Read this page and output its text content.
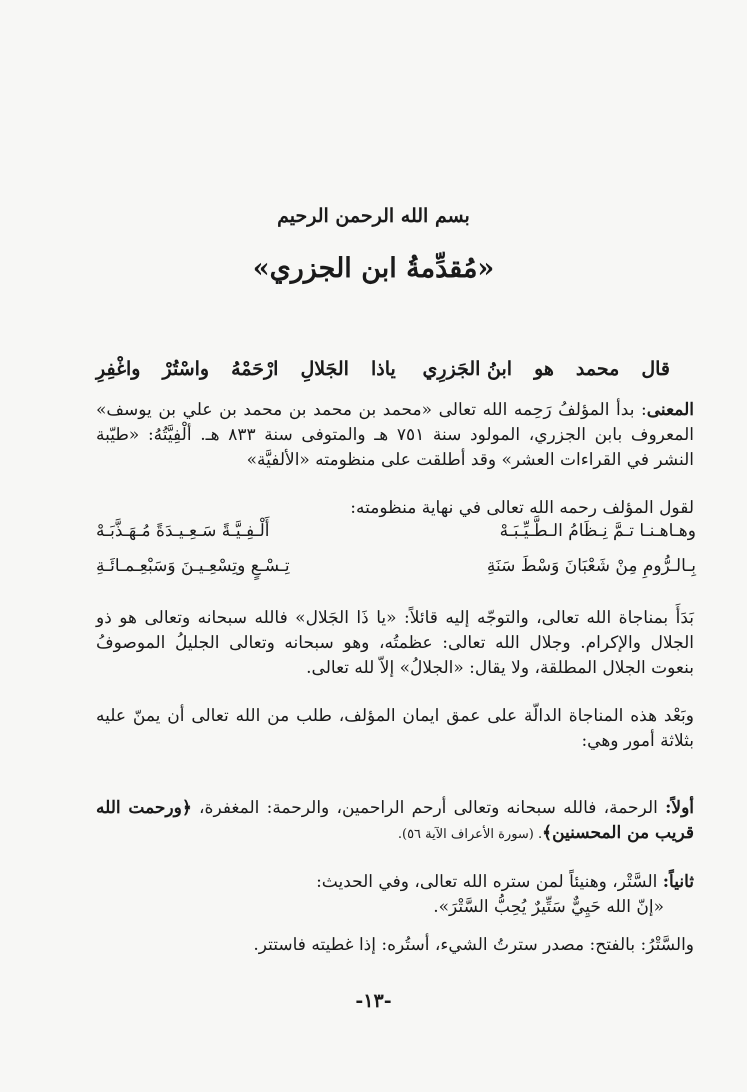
بسم الله الرحمن الرحيم
«مُقدِّمةُ ابن الجزري»
قال
محمد
هو
ابنُ الجَزرِي
ياذا
الجَلالِ
ارْحَمْهُ
واسْتُرْ
واغْفِرِ
المعنى: بدأ المؤلفُ رَحِمه الله تعالى «محمد بن محمد بن محمد بن علي بن يوسف» المعروف بابن الجزري، المولود سنة ٧٥١ هـ والمتوفى سنة ٨٣٣ هـ. ألْفِيَّتُهُ: «طيّبة النشر في القراءات العشر» وقد أطلقت على منظومته «الألفيَّة»
لقول المؤلف رحمه الله تعالى في نهاية منظومته:
وهـاهـنـا تـمَّ نِـظَامُ الـطَّـيِّـبَـهْ
أَلْـفِـيَّـةً سَـعِـيـدَةً مُـهَـذَّبَـهْ
بِـالـرُّومِ مِنْ شَعْبَانَ وَسْطَ سَنَةِ
تِـسْـعٍ وتِسْعِـيـنَ وَسَبْعِـمـائَـةِ
بَدَأَ بمناجاة الله تعالى، والتوجّه إليه قائلاً: «يا ذَا الجَلال» فالله سبحانه وتعالى هو ذو الجلال والإكرام. وجلال الله تعالى: عظمتُه، وهو سبحانه وتعالى الجليلُ الموصوفُ بنعوت الجلال المطلقة، ولا يقال: «الجلالُ» إلاّ لله تعالى.
وبَعْد هذه المناجاة الدالّة على عمق ايمان المؤلف، طلب من الله تعالى أن يمنّ عليه بثلاثة أمور وهي:
أولاً: الرحمة، فالله سبحانه وتعالى أرحم الراحمين، والرحمة: المغفرة، ﴿ورحمت الله قريب من المحسنين﴾. (سورة الأعراف الآية ٥٦).
ثانياً: السَّتْر، وهنيئاً لمن ستره الله تعالى، وفي الحديث:
«إنّ الله حَيِيٌّ سَتِّيرٌ يُحِبُّ السَّتْرَ».
والسَّتْرُ: بالفتح: مصدر سترتُ الشيء، أستُره: إذا غطيته فاستتر.
-١٣-
